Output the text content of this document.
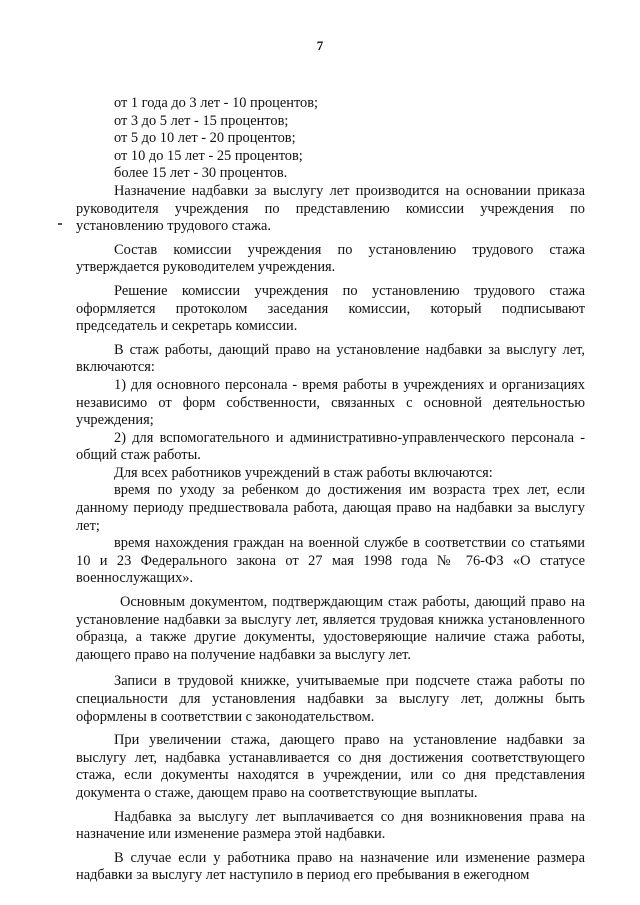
7

от 1 года до 3 лет - 10 процентов;

от 3 до 5 лет - 15 процентов;

от 5 до 10 лет - 20 процентов;

от 10 до 15 лет - 25 процентов;

более 15 лет - 30 процентов.

Назначение надбавки за выслугу лет производится на основании приказа руководителя учреждения по представлению комиссии учреждения по установлению трудового стажа.

Состав комиссии учреждения по установлению трудового стажа утверждается руководителем учреждения.

Решение комиссии учреждения по установлению трудового стажа оформляется протоколом заседания комиссии, который подписывают председатель и секретарь комиссии.

В стаж работы, дающий право на установление надбавки за выслугу лет, включаются:

1) для основного персонала - время работы в учреждениях и организациях независимо от форм собственности, связанных с основной деятельностью учреждения;

2) для вспомогательного и административно-управленческого персонала - общий стаж работы.

Для всех работников учреждений в стаж работы включаются:

время по уходу за ребенком до достижения им возраста трех лет, если данному периоду предшествовала работа, дающая право на надбавки за выслугу лет;

время нахождения граждан на военной службе в соответствии со статьями 10 и 23 Федерального закона от 27 мая 1998 года № 76-ФЗ «О статусе военнослужащих».

Основным документом, подтверждающим стаж работы, дающий право на установление надбавки за выслугу лет, является трудовая книжка установленного образца, а также другие документы, удостоверяющие наличие стажа работы, дающего право на получение надбавки за выслугу лет.

Записи в трудовой книжке, учитываемые при подсчете стажа работы по специальности для установления надбавки за выслугу лет, должны быть оформлены в соответствии с законодательством.

При увеличении стажа, дающего право на установление надбавки за выслугу лет, надбавка устанавливается со дня достижения соответствующего стажа, если документы находятся в учреждении, или со дня представления документа о стаже, дающем право на соответствующие выплаты.

Надбавка за выслугу лет выплачивается со дня возникновения права на назначение или изменение размера этой надбавки.

В случае если у работника право на назначение или изменение размера надбавки за выслугу лет наступило в период его пребывания в ежегодном
